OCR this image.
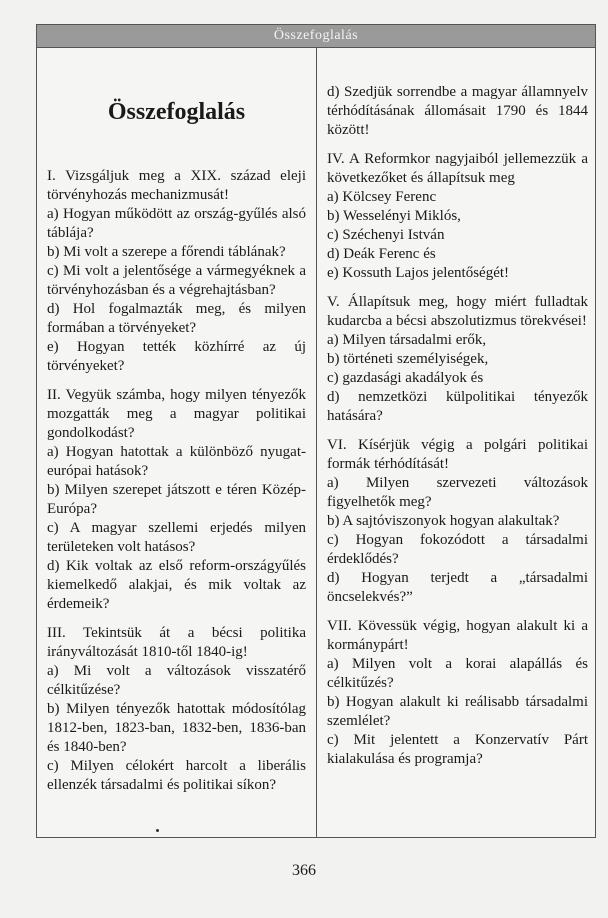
Összefoglalás
Összefoglalás

I. Vizsgáljuk meg a XIX. század eleji törvényhozás mechanizmusát!

a) Hogyan működött az ország-gyűlés alsó táblája?

b) Mi volt a szerepe a főrendi táblának?

c) Mi volt a jelentősége a vármegyéknek a törvényhozásban és a végrehajtásban?

d) Hol fogalmazták meg, és milyen formában a törvényeket?

e) Hogyan tették közhírré az új törvényeket?

II. Vegyük számba, hogy milyen tényezők mozgatták meg a magyar politikai gondolkodást?

a) Hogyan hatottak a különböző nyugat-európai hatások?

b) Milyen szerepet játszott e téren Közép-Európa?

c) A magyar szellemi erjedés milyen területeken volt hatásos?

d) Kik voltak az első reform-országyűlés kiemelkedő alakjai, és mik voltak az érdemeik?

III. Tekintsük át a bécsi politika irányváltozását 1810-től 1840-ig!

a) Mi volt a változások visszatérő célkitűzése?

b) Milyen tényezők hatottak módosítólag 1812-ben, 1823-ban, 1832-ben, 1836-ban és 1840-ben?

c) Milyen célokért harcolt a liberális ellenzék társadalmi és politikai síkon?

d) Szedjük sorrendbe a magyar államnyelv térhódításának állomásait 1790 és 1844 között!

IV. A Reformkor nagyjaiból jellemezzük a következőket és állapítsuk meg

a) Kölcsey Ferenc

b) Wesselényi Miklós,

c) Széchenyi István

d) Deák Ferenc és

e) Kossuth Lajos jelentőségét!

V. Állapítsuk meg, hogy miért fulladtak kudarcba a bécsi abszolutizmus törekvései!

a) Milyen társadalmi erők,

b) történeti személyiségek,

c) gazdasági akadályok és

d) nemzetközi külpolitikai tényezők hatására?

VI. Kísérjük végig a polgári politikai formák térhódítását!

a) Milyen szervezeti változások figyelhetők meg?

b) A sajtóviszonyok hogyan alakultak?

c) Hogyan fokozódott a társadalmi érdeklődés?

d) Hogyan terjedt a „társadalmi öncselekvés?”

VII. Kövessük végig, hogyan alakult ki a kormánypárt!

a) Milyen volt a korai alapállás és célkitűzés?

b) Hogyan alakult ki reálisabb társadalmi szemlélet?

c) Mit jelentett a Konzervatív Párt kialakulása és programja?

366
